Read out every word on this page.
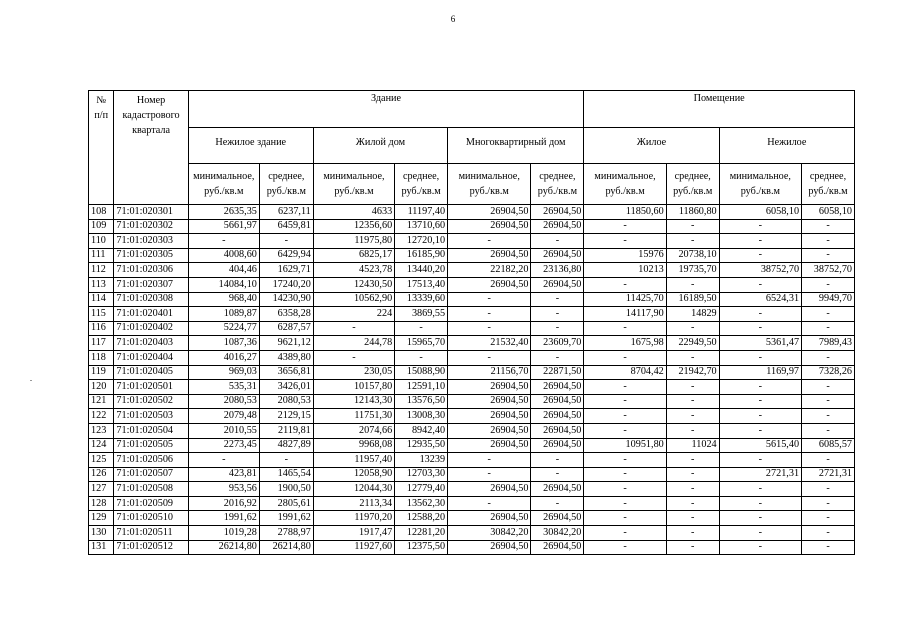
6
№ п/п	Номер кадастрового квартала	Здание						Помещение			
		Нежилое здание		Жилой дом		Многоквартирный дом		Жилое		Нежилое	
		минимальное, руб./кв.м	среднее, руб./кв.м	минимальное, руб./кв.м	среднее, руб./кв.м	минимальное, руб./кв.м	среднее, руб./кв.м	минимальное, руб./кв.м	среднее, руб./кв.м	минимальное, руб./кв.м	среднее, руб./кв.м
108	71:01:020301	2635,35	6237,11	4633	11197,40	26904,50	26904,50	11850,60	11860,80	6058,10	6058,10
109	71:01:020302	5661,97	6459,81	12356,60	13710,60	26904,50	26904,50	-	-	-	-
110	71:01:020303	-	-	11975,80	12720,10	-	-	-	-	-	-
111	71:01:020305	4008,60	6429,94	6825,17	16185,90	26904,50	26904,50	15976	20738,10	-	-
112	71:01:020306	404,46	1629,71	4523,78	13440,20	22182,20	23136,80	10213	19735,70	38752,70	38752,70
113	71:01:020307	14084,10	17240,20	12430,50	17513,40	26904,50	26904,50	-	-	-	-
114	71:01:020308	968,40	14230,90	10562,90	13339,60	-	-	11425,70	16189,50	6524,31	9949,70
115	71:01:020401	1089,87	6358,28	224	3869,55	-	-	14117,90	14829	-	-
116	71:01:020402	5224,77	6287,57	-	-	-	-	-	-	-	-
117	71:01:020403	1087,36	9621,12	244,78	15965,70	21532,40	23609,70	1675,98	22949,50	5361,47	7989,43
118	71:01:020404	4016,27	4389,80	-	-	-	-	-	-	-	-
119	71:01:020405	969,03	3656,81	230,05	15088,90	21156,70	22871,50	8704,42	21942,70	1169,97	7328,26
120	71:01:020501	535,31	3426,01	10157,80	12591,10	26904,50	26904,50	-	-	-	-
121	71:01:020502	2080,53	2080,53	12143,30	13576,50	26904,50	26904,50	-	-	-	-
122	71:01:020503	2079,48	2129,15	11751,30	13008,30	26904,50	26904,50	-	-	-	-
123	71:01:020504	2010,55	2119,81	2074,66	8942,40	26904,50	26904,50	-	-	-	-
124	71:01:020505	2273,45	4827,89	9968,08	12935,50	26904,50	26904,50	10951,80	11024	5615,40	6085,57
125	71:01:020506	-	-	11957,40	13239	-	-	-	-	-	-
126	71:01:020507	423,81	1465,54	12058,90	12703,30	-	-	-	-	2721,31	2721,31
127	71:01:020508	953,56	1900,50	12044,30	12779,40	26904,50	26904,50	-	-	-	-
128	71:01:020509	2016,92	2805,61	2113,34	13562,30	-	-	-	-	-	-
129	71:01:020510	1991,62	1991,62	11970,20	12588,20	26904,50	26904,50	-	-	-	-
130	71:01:020511	1019,28	2788,97	1917,47	12281,20	30842,20	30842,20	-	-	-	-
131	71:01:020512	26214,80	26214,80	11927,60	12375,50	26904,50	26904,50	-	-	-	-
